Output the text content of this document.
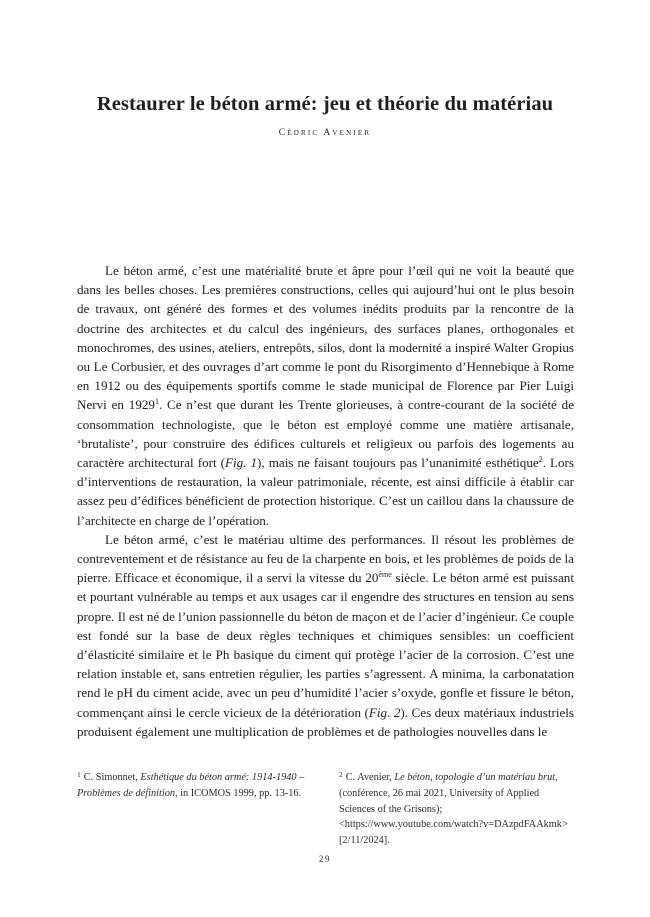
Restaurer le béton armé: jeu et théorie du matériau
Cédric Avenier

Le béton armé, c’est une matérialité brute et âpre pour l’œil qui ne voit la beauté que dans les belles choses. Les premières constructions, celles qui aujourd’hui ont le plus besoin de travaux, ont généré des formes et des volumes inédits produits par la rencontre de la doctrine des architectes et du calcul des ingénieurs, des surfaces planes, orthogonales et monochromes, des usines, ateliers, entrepôts, silos, dont la modernité a inspiré Walter Gropius ou Le Corbusier, et des ouvrages d’art comme le pont du Risorgimento d’Hennebique à Rome en 1912 ou des équipements sportifs comme le stade municipal de Florence par Pier Luigi Nervi en 1929$^1$. Ce n’est que durant les Trente glorieuses, à contre-courant de la société de consommation technologiste, que le béton est employé comme une matière artisanale, ‘brutaliste’, pour construire des édifices culturels et religieux ou parfois des logements au caractère architectural fort (Fig. 1), mais ne faisant toujours pas l’unanimité esthétique$^2$. Lors d’interventions de restauration, la valeur patrimoniale, récente, est ainsi difficile à établir car assez peu d’édifices bénéficient de protection historique. C’est un caillou dans la chaussure de l’architecte en charge de l’opération.

Le béton armé, c’est le matériau ultime des performances. Il résout les problèmes de contreventement et de résistance au feu de la charpente en bois, et les problèmes de poids de la pierre. Efficace et économique, il a servi la vitesse du 20ème siècle. Le béton armé est puissant et pourtant vulnérable au temps et aux usages car il engendre des structures en tension au sens propre. Il est né de l’union passionnelle du béton de maçon et de l’acier d’ingénieur. Ce couple est fondé sur la base de deux règles techniques et chimiques sensibles: un coefficient d’élasticité similaire et le Ph basique du ciment qui protège l’acier de la corrosion. C’est une relation instable et, sans entretien régulier, les parties s’agressent. A minima, la carbonatation rend le pH du ciment acide, avec un peu d’humidité l’acier s’oxyde, gonfle et fissure le béton, commençant ainsi le cercle vicieux de la détérioration (Fig. 2). Ces deux matériaux industriels produisent également une multiplication de problèmes et de pathologies nouvelles dans le

$^1$ C. Simonnet, Esthétique du béton armé: 1914-1940 – Problèmes de définition, in ICOMOS 1999, pp. 13-16.
$^2$ C. Avenier, Le béton, topologie d’un matériau brut, (conférence, 26 mai 2021, University of Applied Sciences of the Grisons); <https://www.youtube.com/watch?v=DAzpdFAAkmk> [2/11/2024].
29
